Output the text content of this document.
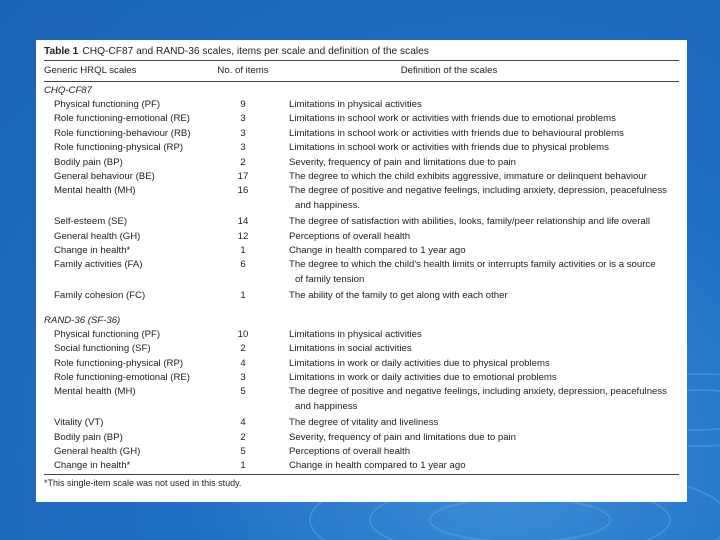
Table 1 CHQ-CF87 and RAND-36 scales, items per scale and definition of the scales
Generic HRQL scales	No. of items	Definition of the scales
CHQ-CF87
Physical functioning (PF)	9	Limitations in physical activities
Role functioning-emotional (RE)	3	Limitations in school work or activities with friends due to emotional problems
Role functioning-behaviour (RB)	3	Limitations in school work or activities with friends due to behavioural problems
Role functioning-physical (RP)	3	Limitations in school work or activities with friends due to physical problems
Bodily pain (BP)	2	Severity, frequency of pain and limitations due to pain
General behaviour (BE)	17	The degree to which the child exhibits aggressive, immature or delinquent behaviour
Mental health (MH)	16	The degree of positive and negative feelings, including anxiety, depression, peacefulness
and happiness.
Self-esteem (SE)	14	The degree of satisfaction with abilities, looks, family/peer relationship and life overall
General health (GH)	12	Perceptions of overall health
Change in health*	1	Change in health compared to 1 year ago
Family activities (FA)	6	The degree to which the child's health limits or interrupts family activities or is a source
of family tension
Family cohesion (FC)	1	The ability of the family to get along with each other
RAND-36 (SF-36)
Physical functioning (PF)	10	Limitations in physical activities
Social functioning (SF)	2	Limitations in social activities
Role functioning-physical (RP)	4	Limitations in work or daily activities due to physical problems
Role functioning-emotional (RE)	3	Limitations in work or daily activities due to emotional problems
Mental health (MH)	5	The degree of positive and negative feelings, including anxiety, depression, peacefulness
and happiness
Vitality (VT)	4	The degree of vitality and liveliness
Bodily pain (BP)	2	Severity, frequency of pain and limitations due to pain
General health (GH)	5	Perceptions of overall health
Change in health*	1	Change in health compared to 1 year ago
*This single-item scale was not used in this study.
